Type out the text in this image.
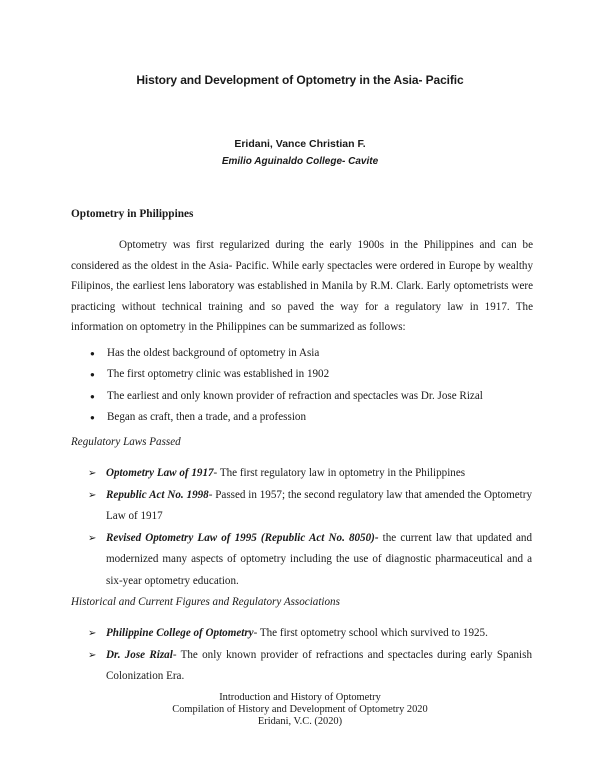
History and Development of Optometry in the Asia- Pacific
Eridani, Vance Christian F.
Emilio Aguinaldo College- Cavite
Optometry in Philippines
Optometry was first regularized during the early 1900s in the Philippines and can be considered as the oldest in the Asia- Pacific. While early spectacles were ordered in Europe by wealthy Filipinos, the earliest lens laboratory was established in Manila by R.M. Clark. Early optometrists were practicing without technical training and so paved the way for a regulatory law in 1917. The information on optometry in the Philippines can be summarized as follows:
● Has the oldest background of optometry in Asia
● The first optometry clinic was established in 1902
● The earliest and only known provider of refraction and spectacles was Dr. Jose Rizal
● Began as craft, then a trade, and a profession
Regulatory Laws Passed
➢ Optometry Law of 1917- The first regulatory law in optometry in the Philippines
➢ Republic Act No. 1998- Passed in 1957; the second regulatory law that amended the Optometry Law of 1917
➢ Revised Optometry Law of 1995 (Republic Act No. 8050)- the current law that updated and modernized many aspects of optometry including the use of diagnostic pharmaceutical and a six-year optometry education.
Historical and Current Figures and Regulatory Associations
➢ Philippine College of Optometry- The first optometry school which survived to 1925.
➢ Dr. Jose Rizal- The only known provider of refractions and spectacles during early Spanish Colonization Era.
Introduction and History of Optometry
Compilation of History and Development of Optometry 2020
Eridani, V.C. (2020)
